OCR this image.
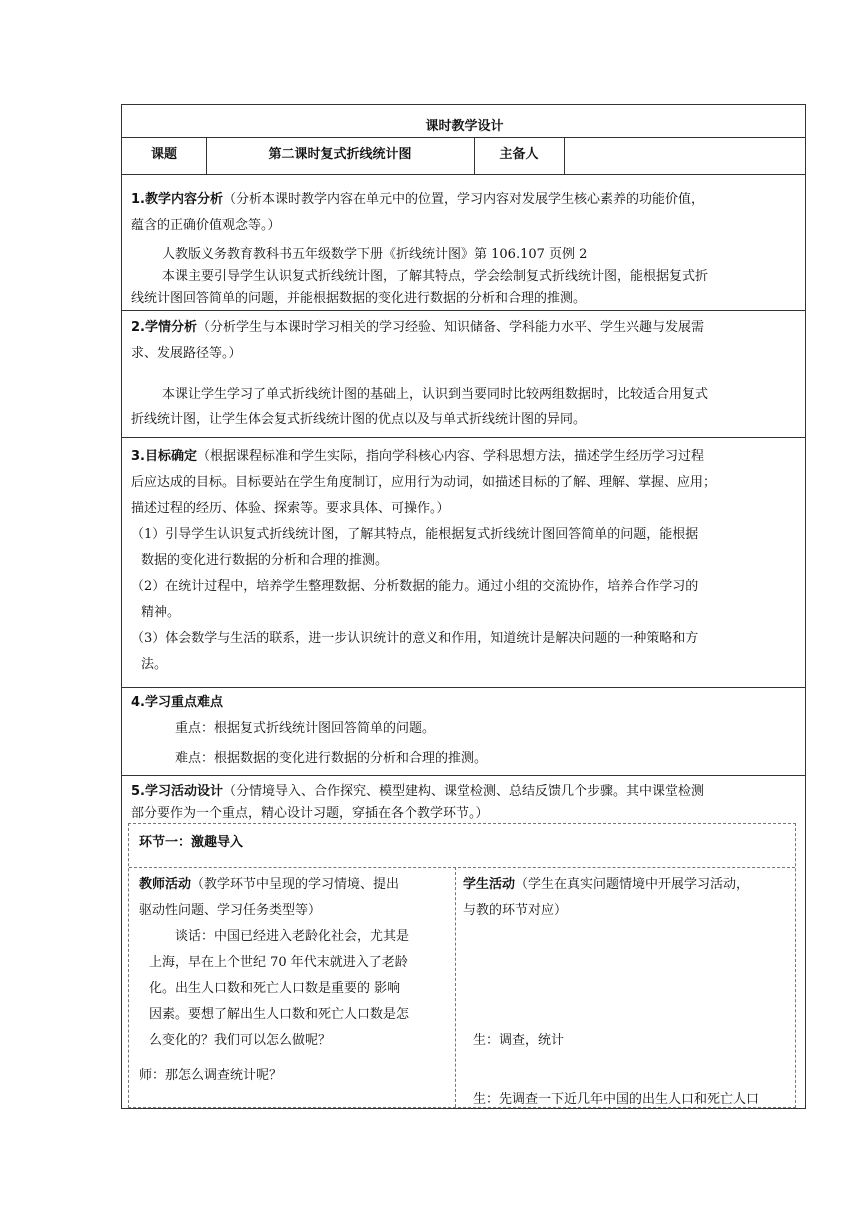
课时教学设计
课题	第二课时复式折线统计图	主备人
1.教学内容分析（分析本课时教学内容在单元中的位置，学习内容对发展学生核心素养的功能价值，
蕴含的正确价值观念等。）
人教版义务教育教科书五年级数学下册《折线统计图》第 106.107 页例 2
本课主要引导学生认识复式折线统计图，了解其特点，学会绘制复式折线统计图，能根据复式折
线统计图回答简单的问题，并能根据数据的变化进行数据的分析和合理的推测。
2.学情分析（分析学生与本课时学习相关的学习经验、知识储备、学科能力水平、学生兴趣与发展需
求、发展路径等。）
本课让学生学习了单式折线统计图的基础上，认识到当要同时比较两组数据时，比较适合用复式
折线统计图，让学生体会复式折线统计图的优点以及与单式折线统计图的异同。
3.目标确定（根据课程标准和学生实际，指向学科核心内容、学科思想方法，描述学生经历学习过程
后应达成的目标。目标要站在学生角度制订，应用行为动词，如描述目标的了解、理解、掌握、应用；
描述过程的经历、体验、探索等。要求具体、可操作。）
（1）引导学生认识复式折线统计图，了解其特点，能根据复式折线统计图回答简单的问题，能根据
数据的变化进行数据的分析和合理的推测。
（2）在统计过程中，培养学生整理数据、分析数据的能力。通过小组的交流协作，培养合作学习的
精神。
（3）体会数学与生活的联系，进一步认识统计的意义和作用，知道统计是解决问题的一种策略和方
法。
4.学习重点难点
重点：根据复式折线统计图回答简单的问题。
难点：根据数据的变化进行数据的分析和合理的推测。
5.学习活动设计（分情境导入、合作探究、模型建构、课堂检测、总结反馈几个步骤。其中课堂检测
部分要作为一个重点，精心设计习题，穿插在各个教学环节。）
环节一：激趣导入
教师活动（教学环节中呈现的学习情境、提出
驱动性问题、学习任务类型等）
谈话：中国已经进入老龄化社会，尤其是
上海，早在上个世纪 70 年代末就进入了老龄
化。出生人口数和死亡人口数是重要的 影响
因素。要想了解出生人口数和死亡人口数是怎
么变化的？我们可以怎么做呢？
师：那怎么调查统计呢？
学生活动（学生在真实问题情境中开展学习活动，
与教的环节对应）
生：调查，统计
生：先调查一下近几年中国的出生人口和死亡人口
